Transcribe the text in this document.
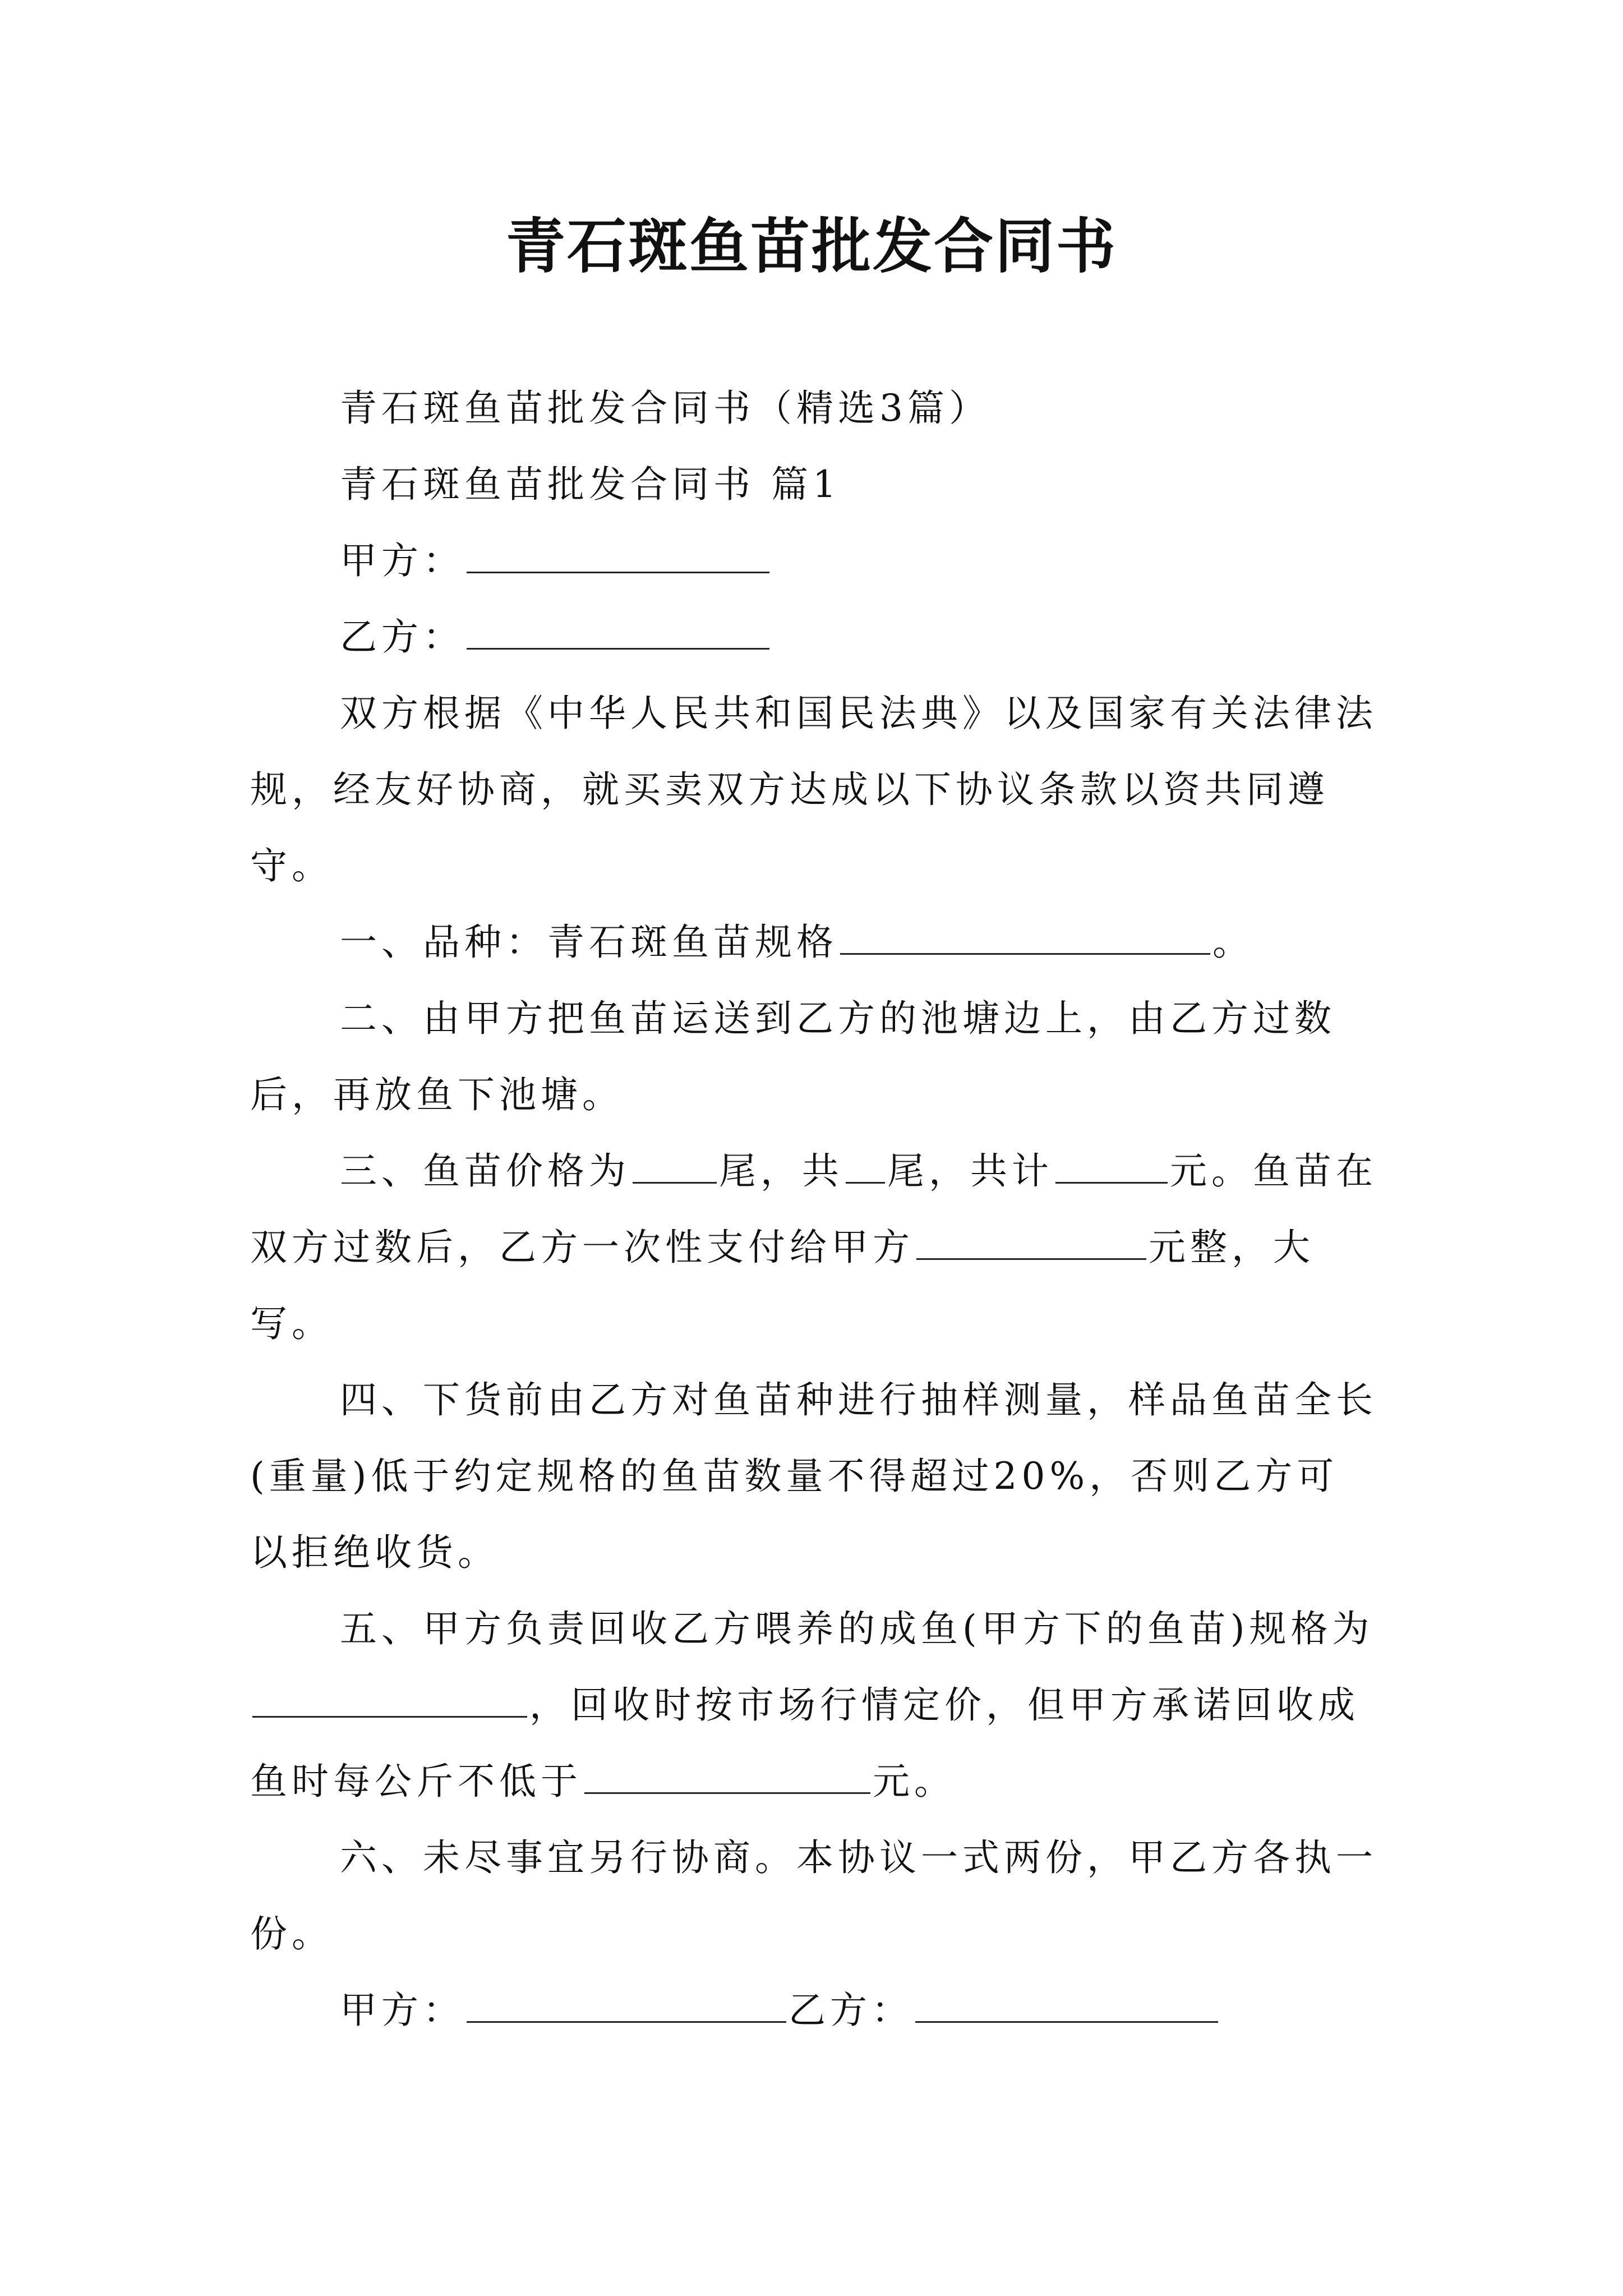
青石斑鱼苗批发合同书

青石斑鱼苗批发合同书（精选3篇）

青石斑鱼苗批发合同书 篇1

甲方：

乙方：

双方根据《中华人民共和国民法典》以及国家有关法律法规，经友好协商，就买卖双方达成以下协议条款以资共同遵守。

一、品种：青石斑鱼苗规格	。

二、由甲方把鱼苗运送到乙方的池塘边上，由乙方过数后，再放鱼下池塘。

三、鱼苗价格为 尾，共 尾，共计	元。鱼苗在双方过数后，乙方一次性支付给甲方	元整，大写。

四、下货前由乙方对鱼苗种进行抽样测量，样品鱼苗全长(重量)低于约定规格的鱼苗数量不得超过20%，否则乙方可以拒绝收货。

五、甲方负责回收乙方喂养的成鱼(甲方下的鱼苗)规格为，回收时按市场行情定价，但甲方承诺回收成鱼时每公斤不低于	元。

六、未尽事宜另行协商。本协议一式两份，甲乙方各执一份。

甲方：	乙方：
